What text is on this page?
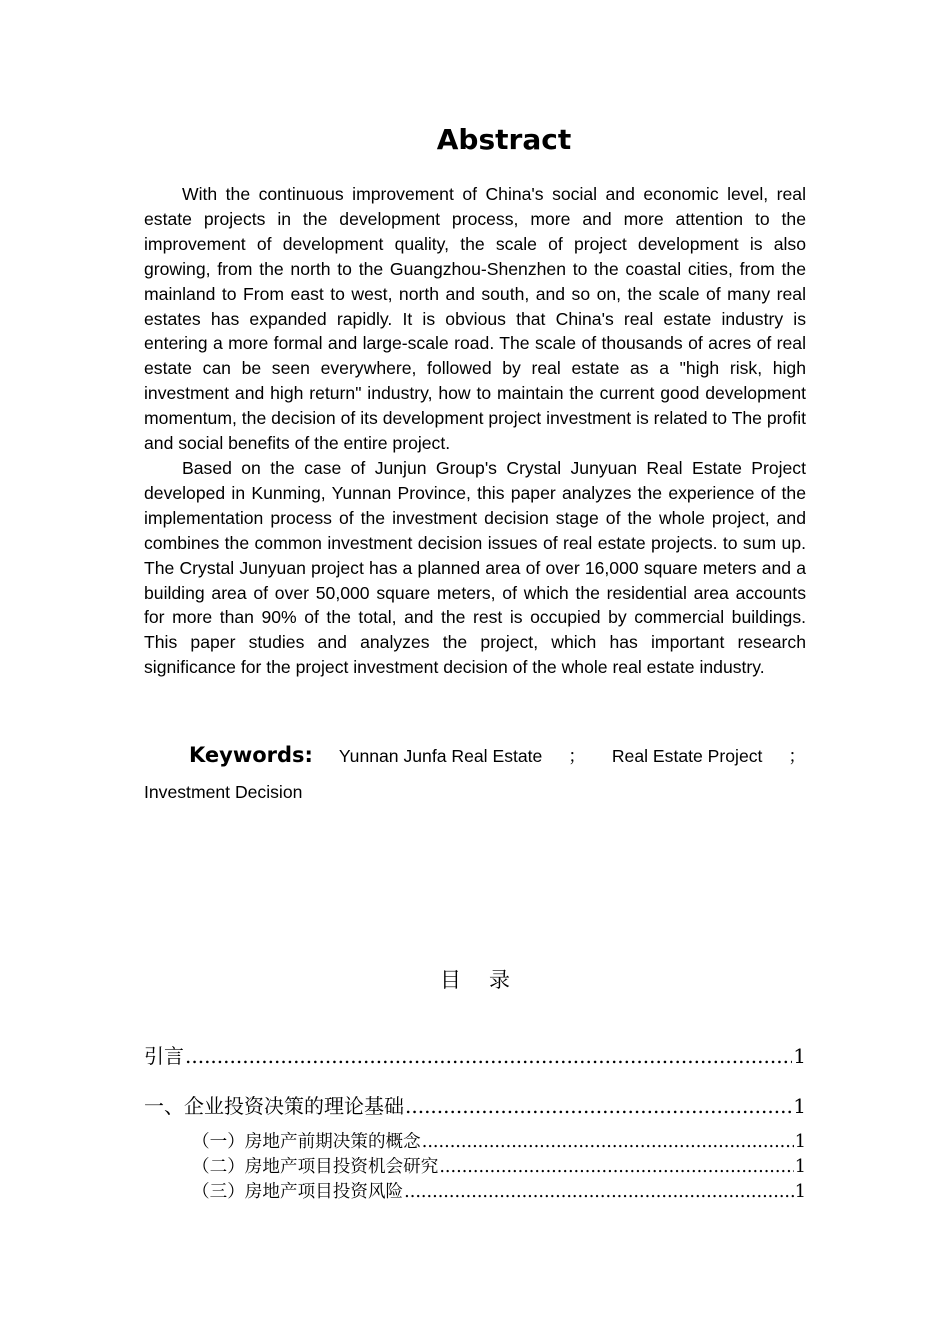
Abstract

With the continuous improvement of China's social and economic level, real estate projects in the development process, more and more attention to the improvement of development quality, the scale of project development is also growing, from the north to the Guangzhou-Shenzhen to the coastal cities, from the mainland to From east to west, north and south, and so on, the scale of many real estates has expanded rapidly. It is obvious that China's real estate industry is entering a more formal and large-scale road. The scale of thousands of acres of real estate can be seen everywhere, followed by real estate as a "high risk, high investment and high return" industry, how to maintain the current good development momentum, the decision of its development project investment is related to The profit and social benefits of the entire project.

Based on the case of Junjun Group's Crystal Junyuan Real Estate Project developed in Kunming, Yunnan Province, this paper analyzes the experience of the implementation process of the investment decision stage of the whole project, and combines the common investment decision issues of real estate projects. to sum up. The Crystal Junyuan project has a planned area of over 16,000 square meters and a building area of over 50,000 square meters, of which the residential area accounts for more than 90% of the total, and the rest is occupied by commercial buildings. This paper studies and analyzes the project, which has important research significance for the project investment decision of the whole real estate industry.

Keywords: Yunnan Junfa Real Estate ； Real Estate Project ；
Investment Decision
目录
引言 .....	1
一、企业投资决策的理论基础 .....	1
（一）房地产前期决策的概念 .....	1
（二）房地产项目投资机会研究 .....	1
（三）房地产项目投资风险 .....	1
